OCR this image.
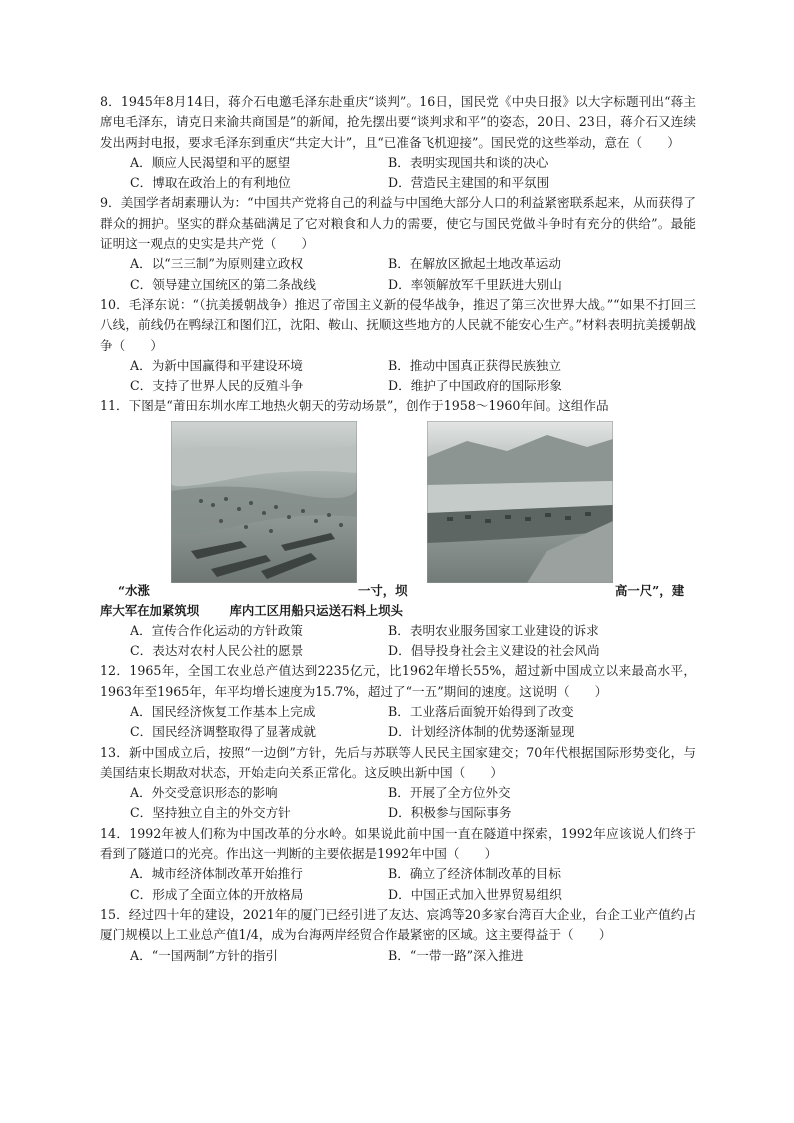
8．1945年8月14日，蒋介石电邀毛泽东赴重庆“谈判”。16日，国民党《中央日报》以大字标题刊出“蒋主席电毛泽东，请克日来渝共商国是”的新闻，抢先摆出要“谈判求和平”的姿态，20日、23日，蒋介石又连续发出两封电报，要求毛泽东到重庆“共定大计”，且“已准备飞机迎接”。国民党的这些举动，意在（　　）

A．顺应人民渴望和平的愿望	B．表明实现国共和谈的决心
C．博取在政治上的有利地位	D．营造民主建国的和平氛围

9．美国学者胡素珊认为：“中国共产党将自己的利益与中国绝大部分人口的利益紧密联系起来，从而获得了群众的拥护。坚实的群众基础满足了它对粮食和人力的需要，使它与国民党做斗争时有充分的供给”。最能证明这一观点的史实是共产党（　　）

A．以“三三制”为原则建立政权	B．在解放区掀起土地改革运动
C．领导建立国统区的第二条战线	D．率领解放军千里跃进大别山

10．毛泽东说：“（抗美援朝战争）推迟了帝国主义新的侵华战争，推迟了第三次世界大战。”“如果不打回三八线，前线仍在鸭绿江和图们江，沈阳、鞍山、抚顺这些地方的人民就不能安心生产。”材料表明抗美援朝战争（　　）

A．为新中国赢得和平建设环境	B．推动中国真正获得民族独立
C．支持了世界人民的反殖斗争	D．维护了中国政府的国际形象

11．下图是“莆田东圳水库工地热火朝天的劳动场景”，创作于1958～1960年间。这组作品

“水涨	一寸，坝	高一尺”，建
库大军在加紧筑坝 库内工区用船只运送石料上坝头
A．宣传合作化运动的方针政策	B．表明农业服务国家工业建设的诉求
C．表达对农村人民公社的愿景	D．倡导投身社会主义建设的社会风尚

12．1965年，全国工农业总产值达到2235亿元，比1962年增长55%，超过新中国成立以来最高水平，1963年至1965年，年平均增长速度为15.7%，超过了“一五”期间的速度。这说明（　　）

A．国民经济恢复工作基本上完成	B．工业落后面貌开始得到了改变
C．国民经济调整取得了显著成就	D．计划经济体制的优势逐渐显现

13．新中国成立后，按照“一边倒”方针，先后与苏联等人民民主国家建交；70年代根据国际形势变化，与美国结束长期敌对状态，开始走向关系正常化。这反映出新中国（　　）

A．外交受意识形态的影响	B．开展了全方位外交
C．坚持独立自主的外交方针	D．积极参与国际事务

14．1992年被人们称为中国改革的分水岭。如果说此前中国一直在隧道中探索，1992年应该说人们终于看到了隧道口的光亮。作出这一判断的主要依据是1992年中国（　　）

A．城市经济体制改革开始推行	B．确立了经济体制改革的目标
C．形成了全面立体的开放格局	D．中国正式加入世界贸易组织

15．经过四十年的建设，2021年的厦门已经引进了友达、宸鸿等20多家台湾百大企业，台企工业产值约占厦门规模以上工业总产值1/4，成为台海两岸经贸合作最紧密的区域。这主要得益于（　　）

A．“一国两制”方针的指引	B．“一带一路”深入推进
